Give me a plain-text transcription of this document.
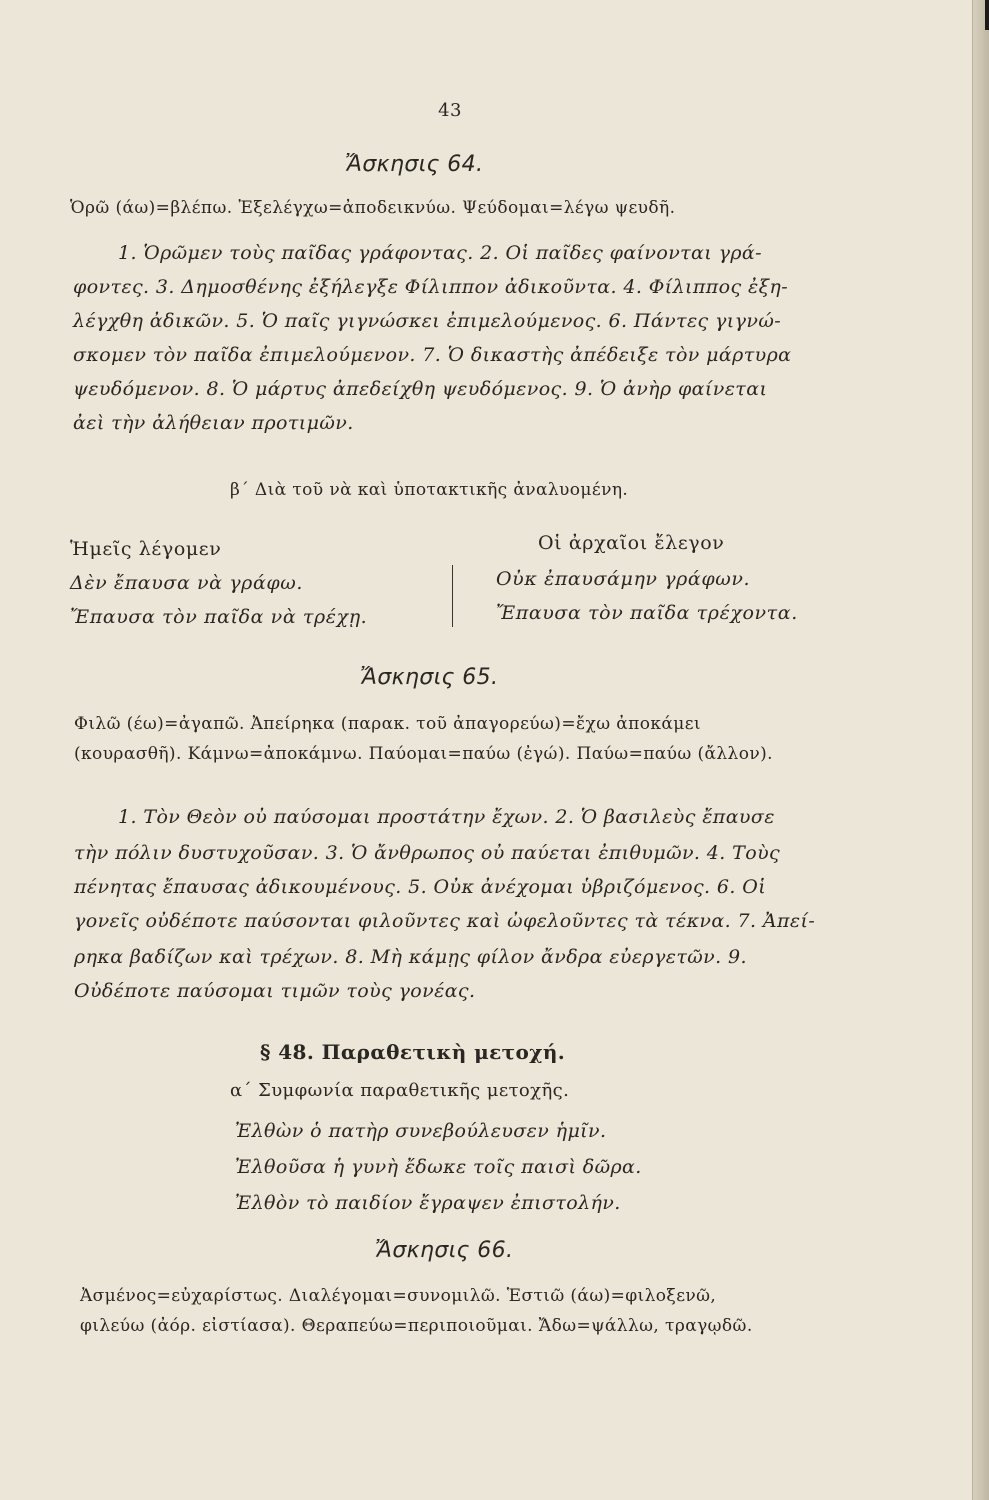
43
Ἄσκησις 64.
Ὁρῶ (άω)=βλέπω. Ἐξελέγχω=ἀποδεικνύω. Ψεύδομαι=λέγω ψευδῆ.
1. Ὁρῶμεν τοὺς παῖδας γράφοντας. 2. Οἱ παῖδες φαίνονται γρά-
φοντες. 3. Δημοσθένης ἐξήλεγξε Φίλιππον ἀδικοῦντα. 4. Φίλιππος ἐξη-
λέγχθη ἀδικῶν. 5. Ὁ παῖς γιγνώσκει ἐπιμελούμενος. 6. Πάντες γιγνώ-
σκομεν τὸν παῖδα ἐπιμελούμενον. 7. Ὁ δικαστὴς ἀπέδειξε τὸν μάρτυρα
ψευδόμενον. 8. Ὁ μάρτυς ἀπεδείχθη ψευδόμενος. 9. Ὁ ἀνὴρ φαίνεται
ἀεὶ τὴν ἀλήθειαν προτιμῶν.
β΄ Διὰ τοῦ νὰ καὶ ὑποτακτικῆς ἀναλυομένη.
Ἡμεῖς λέγομεν
Δὲν ἔπαυσα νὰ γράφω.
Ἔπαυσα τὸν παῖδα νὰ τρέχῃ.
Οἱ ἀρχαῖοι ἔλεγον
Οὐκ ἐπαυσάμην γράφων.
Ἔπαυσα τὸν παῖδα τρέχοντα.
Ἄσκησις 65.
Φιλῶ (έω)=ἀγαπῶ. Ἀπείρηκα (παρακ. τοῦ ἀπαγορεύω)=ἔχω ἀποκάμει
(κουρασθῆ). Κάμνω=ἀποκάμνω. Παύομαι=παύω (ἐγώ). Παύω=παύω (ἄλλον).
1. Τὸν Θεὸν οὐ παύσομαι προστάτην ἔχων. 2. Ὁ βασιλεὺς ἔπαυσε
τὴν πόλιν δυστυχοῦσαν. 3. Ὁ ἄνθρωπος οὐ παύεται ἐπιθυμῶν. 4. Τοὺς
πένητας ἔπαυσας ἀδικουμένους. 5. Οὐκ ἀνέχομαι ὑβριζόμενος. 6. Οἱ
γονεῖς οὐδέποτε παύσονται φιλοῦντες καὶ ὠφελοῦντες τὰ τέκνα. 7. Ἀπεί-
ρηκα βαδίζων καὶ τρέχων. 8. Μὴ κάμῃς φίλον ἄνδρα εὐεργετῶν. 9.
Οὐδέποτε παύσομαι τιμῶν τοὺς γονέας.
§ 48. Παραθετικὴ μετοχή.
α΄ Συμφωνία παραθετικῆς μετοχῆς.
Ἐλθὼν ὁ πατὴρ συνεβούλευσεν ἡμῖν.
Ἐλθοῦσα ἡ γυνὴ ἔδωκε τοῖς παισὶ δῶρα.
Ἐλθὸν τὸ παιδίον ἔγραψεν ἐπιστολήν.
Ἄσκησις 66.
Ἀσμένος=εὐχαρίστως. Διαλέγομαι=συνομιλῶ. Ἑστιῶ (άω)=φιλοξενῶ,
φιλεύω (ἀόρ. εἰστίασα). Θεραπεύω=περιποιοῦμαι. Ἄδω=ψάλλω, τραγῳδῶ.
